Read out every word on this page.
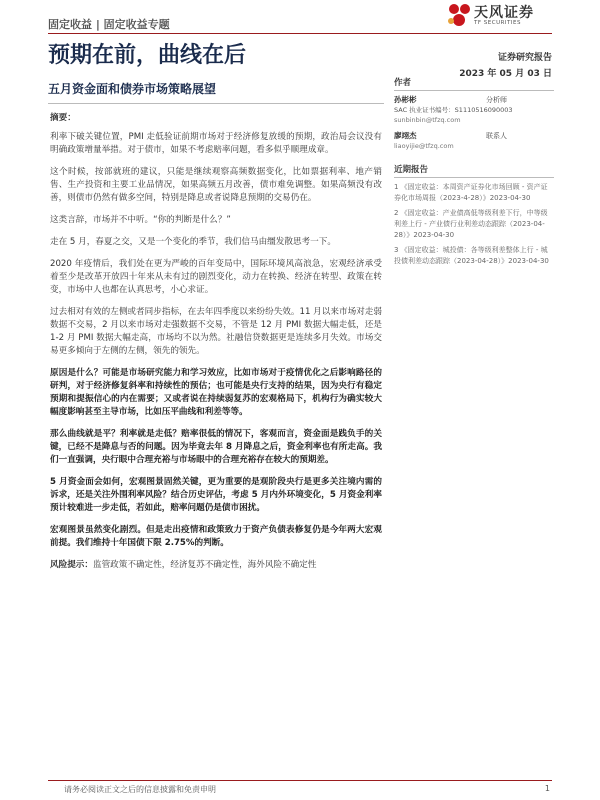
固定收益 | 固定收益专题
天风证券
TF SECURITIES
预期在前，曲线在后	证券研究报告
2023 年 05 月 03 日
五月资金面和债券市场策略展望
摘要：

利率下破关键位置，PMI 走低验证前期市场对于经济修复放缓的预期，政治局会议没有明确政策增量举措。对于债市，如果不考虑赔率问题，看多似乎顺理成章。

这个时候，按部就班的建议，只能是继续观察高频数据变化，比如票据利率、地产销售、生产投资和主要工业品情况，如果高频五月改善，债市难免调整。如果高频没有改善，则债市仍然有做多空间，特别是降息或者说降息预期的交易仍在。

这类言辞，市场并不中听。“你的判断是什么？”

走在 5 月，春夏之交，又是一个变化的季节，我们信马由缰发散思考一下。

2020 年疫情后，我们处在更为严峻的百年变局中，国际环境风高浪急，宏观经济承受着至少是改革开放四十年来从未有过的剧烈变化，动力在转换、经济在转型、政策在转变，市场中人也都在认真思考，小心求证。

过去相对有效的左侧或者同步指标，在去年四季度以来纷纷失效。11 月以来市场对走弱数据不交易，2 月以来市场对走强数据不交易，不管是 12 月 PMI 数据大幅走低，还是 1-2 月 PMI 数据大幅走高，市场均不以为然。社融信贷数据更是连续多月失效。市场交易更多倾向于左侧的左侧，领先的领先。

原因是什么？可能是市场研究能力和学习效应，比如市场对于疫情优化之后影响路径的研判，对于经济修复斜率和持续性的预估；也可能是央行支持的结果，因为央行有稳定预期和提振信心的内在需要；又或者说在持续弱复苏的宏观格局下，机构行为确实较大幅度影响甚至主导市场，比如压平曲线和利差等等。

那么曲线就是平？利率就是走低？赔率很低的情况下，客观而言，资金面是践负手的关键，已经不是降息与否的问题。因为毕竟去年 8 月降息之后，资金利率也有所走高。我们一直强调，央行眼中合理充裕与市场眼中的合理充裕存在较大的预期差。

5 月资金面会如何，宏观图景固然关键，更为重要的是观阶段央行是更多关注境内需的诉求，还是关注外围利率风险？结合历史评估，考虑 5 月内外环境变化，5 月资金利率预计较难进一步走低，若如此，赔率问题仍是债市困扰。

宏观图景虽然变化剧烈。但是走出疫情和政策致力于资产负债表修复仍是今年两大宏观前提。我们维持十年国债下限 2.75%的判断。

风险提示：监管政策不确定性，经济复苏不确定性，海外风险不确定性

作者
孙彬彬	分析师
SAC 执业证书编号：S1110516090003
sunbinbin@tfzq.com
廖翊杰	联系人
liaoyijie@tfzq.com
近期报告
1 《固定收益：本周资产证券化市场回顾 - 资产证券化市场周报（2023-4-28）》2023-04-30
2 《固定收益：产业债高低等级利差下行，中等级利差上行 - 产业债行业利差动态跟踪（2023-04-28）》2023-04-30
3 《固定收益：城投债：各等级利差整体上行 - 城投债利差动态跟踪（2023-04-28）》2023-04-30
请务必阅读正文之后的信息披露和免责申明	1
